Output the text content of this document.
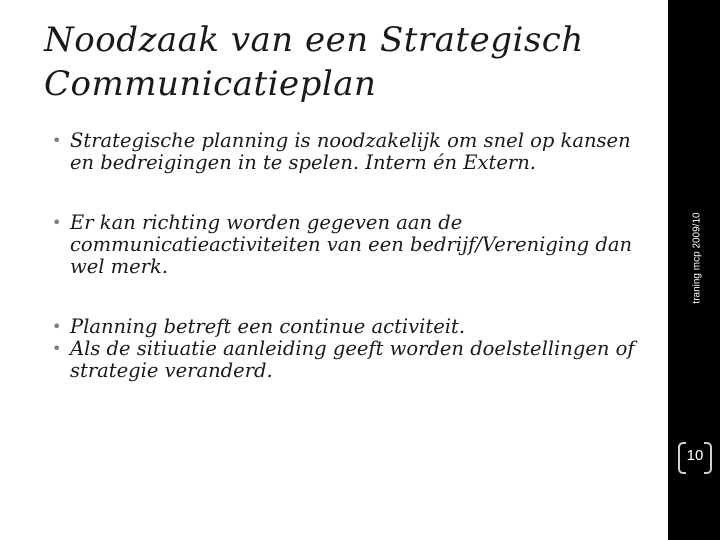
Noodzaak van een Strategisch
Communicatieplan
• Strategische planning is noodzakelijk om snel op kansen en bedreigingen in te spelen. Intern én Extern.
• Er kan richting worden gegeven aan de communicatieactiviteiten van een bedrijf/Vereniging dan wel merk.
• Planning betreft een continue activiteit.
• Als de sitiuatie aanleiding geeft worden doelstellingen of strategie veranderd.
traning mcp 2009/10
10
